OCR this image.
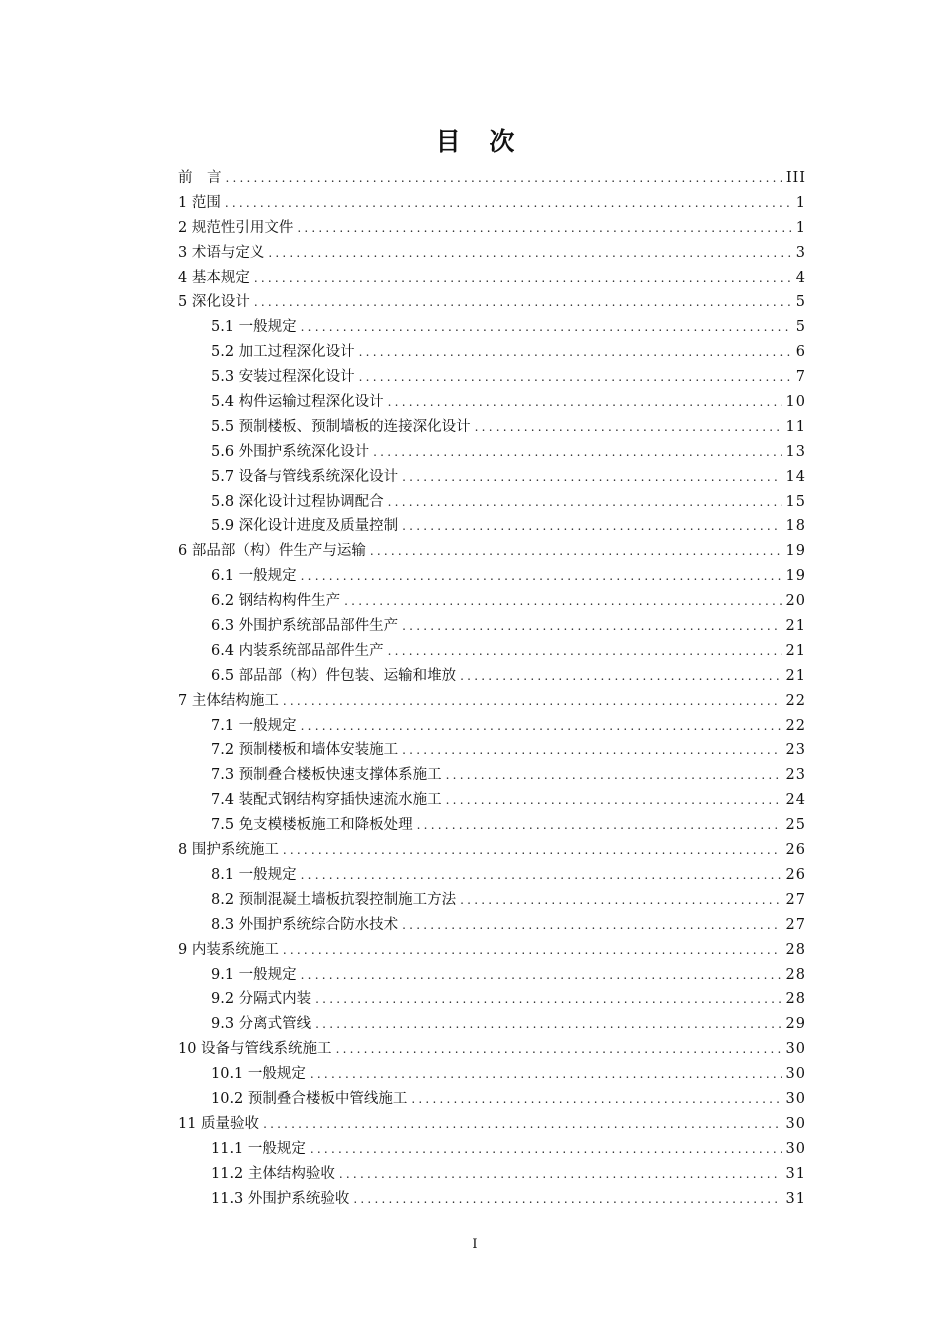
目 次
前　言 .....	III
1 范围 .....	1
2 规范性引用文件 .....	1
3 术语与定义 .....	3
4 基本规定 .....	4
5 深化设计 .....	5
5.1 一般规定 .....	5
5.2 加工过程深化设计 .....	6
5.3 安装过程深化设计 .....	7
5.4 构件运输过程深化设计 .....	10
5.5 预制楼板、预制墙板的连接深化设计 .....	11
5.6 外围护系统深化设计 .....	13
5.7 设备与管线系统深化设计 .....	14
5.8 深化设计过程协调配合 .....	15
5.9 深化设计进度及质量控制 .....	18
6 部品部（构）件生产与运输 .....	19
6.1 一般规定 .....	19
6.2 钢结构构件生产 .....	20
6.3 外围护系统部品部件生产 .....	21
6.4 内装系统部品部件生产 .....	21
6.5 部品部（构）件包装、运输和堆放 .....	21
7 主体结构施工 .....	22
7.1 一般规定 .....	22
7.2 预制楼板和墙体安装施工 .....	23
7.3 预制叠合楼板快速支撑体系施工 .....	23
7.4 装配式钢结构穿插快速流水施工 .....	24
7.5 免支模楼板施工和降板处理 .....	25
8 围护系统施工 .....	26
8.1 一般规定 .....	26
8.2 预制混凝土墙板抗裂控制施工方法 .....	27
8.3 外围护系统综合防水技术 .....	27
9 内装系统施工 .....	28
9.1 一般规定 .....	28
9.2 分隔式内装 .....	28
9.3 分离式管线 .....	29
10 设备与管线系统施工 .....	30
10.1 一般规定 .....	30
10.2 预制叠合楼板中管线施工 .....	30
11 质量验收 .....	30
11.1 一般规定 .....	30
11.2 主体结构验收 .....	31
11.3 外围护系统验收 .....	31
I
